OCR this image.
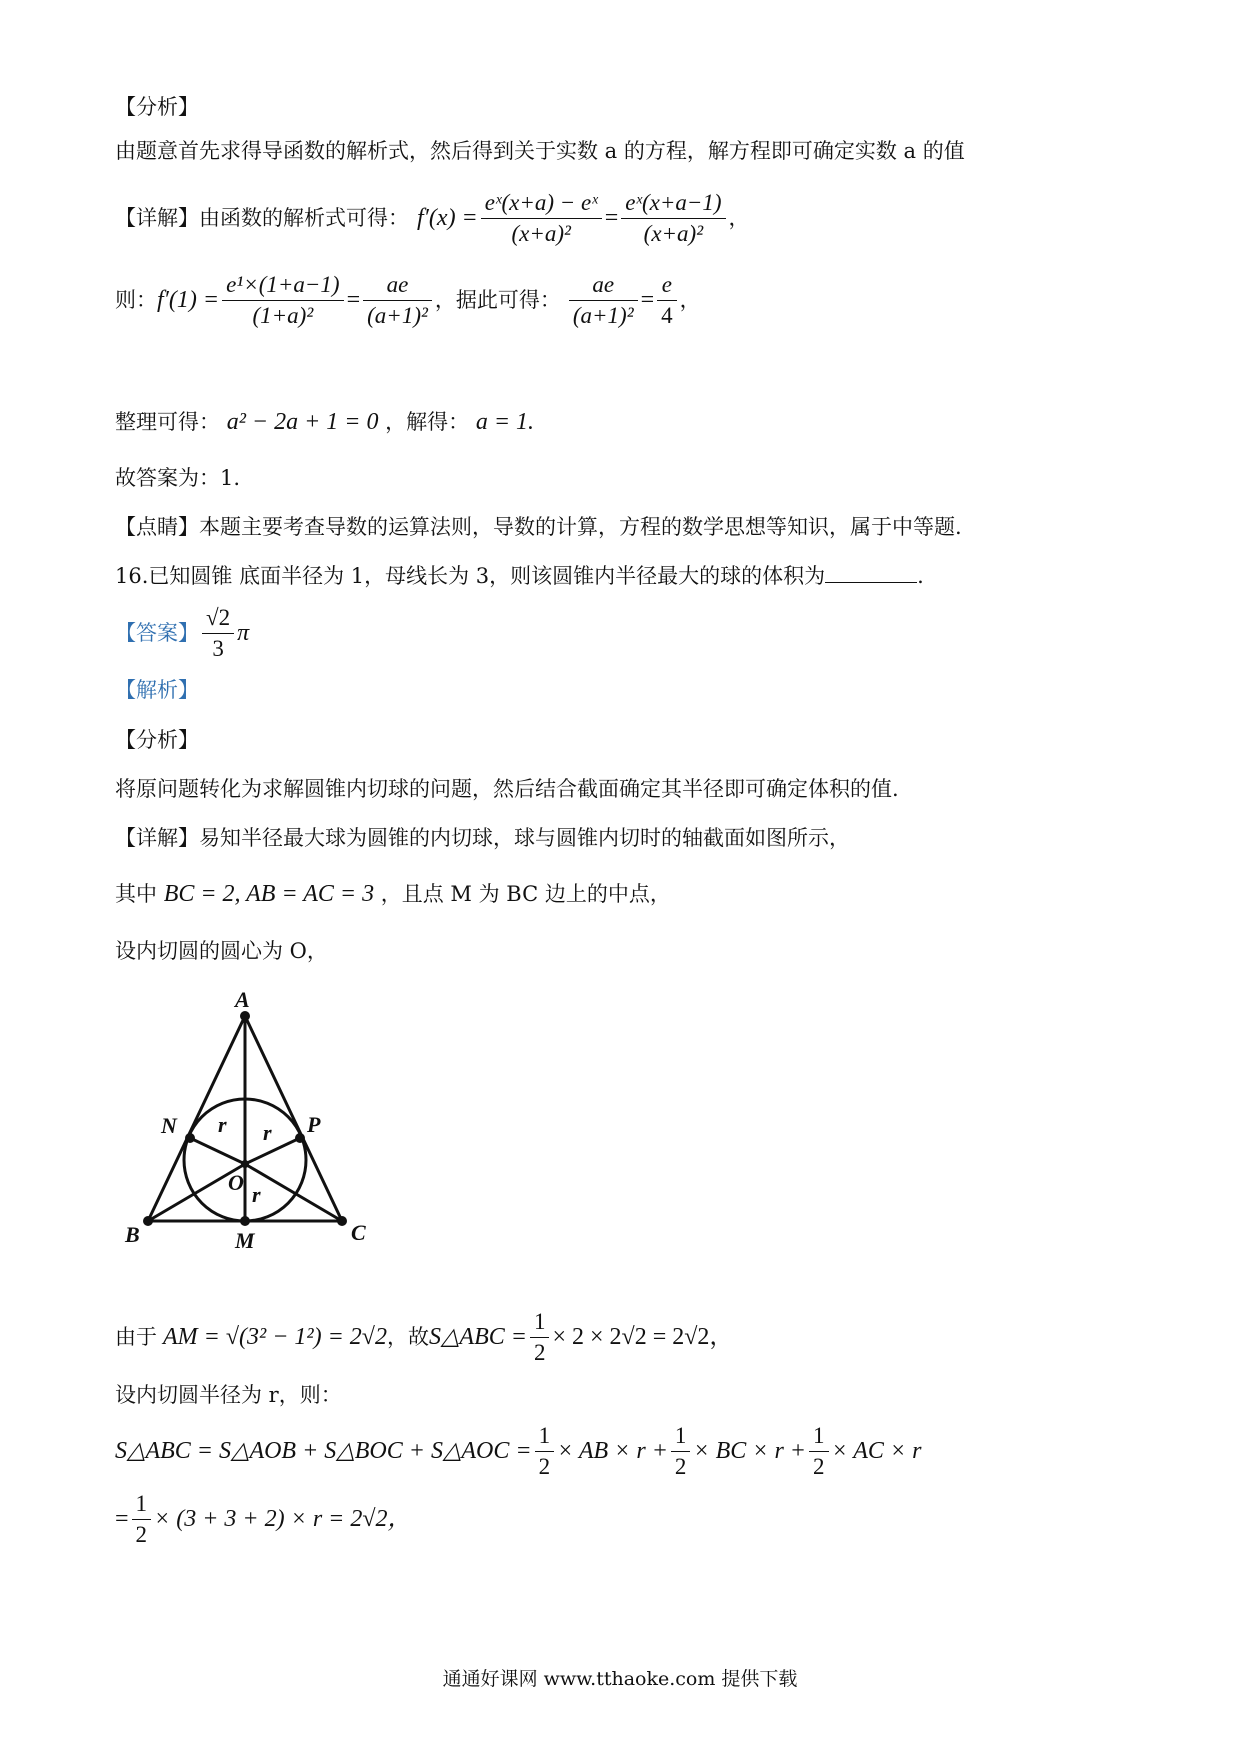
【分析】
由题意首先求得导函数的解析式，然后得到关于实数 a 的方程，解方程即可确定实数 a 的值
【详解】由函数的解析式可得： $f'(x) = \frac{\text{eˣ(x+a) − eˣ}}{\text{(x+a)²}} = \frac{\text{eˣ(x+a−1)}}{\text{(x+a)²}}$ ，
则： $f'(1) = \frac{\text{e¹×(1+a−1)}}{\text{(1+a)²}} = \frac{ae}{\text{(a+1)²}}$ ，据此可得： $\frac{ae}{\text{(a+1)²}} = \frac{e}{4}$ ，
整理可得： a² − 2a + 1 = 0 ，解得： a = 1.
故答案为：1.
【点睛】本题主要考查导数的运算法则，导数的计算，方程的数学思想等知识，属于中等题.
16.已知圆锥 底面半径为 1，母线长为 3，则该圆锥内半径最大的球的体积为	.
【答案】 $\frac{√2}{3}$ π
【解析】
【分析】
将原问题转化为求解圆锥内切球的问题，然后结合截面确定其半径即可确定体积的值.
【详解】易知半径最大球为圆锥的内切球，球与圆锥内切时的轴截面如图所示，
其中 BC = 2, AB = AC = 3 ，且点 M 为 BC 边上的中点，
设内切圆的圆心为 O，
A
B	C
M
N	P
O
r r
r
由于 AM = √(3² − 1²) = 2√2 ，故 S△ABC = $\frac{1}{2} \times 2 \times 2√2 = 2√2$，
设内切圆半径为 r，则：
S△ABC = S△AOB + S△BOC + S△AOC = $\frac{1}{2}$ × AB × $r + \frac{1}{2}$ × BC × $r + \frac{1}{2}$ × AC × r
= $\frac{1}{2} \times (3 + 3 + 2) \times r = 2√2$，
通通好课网 www.tthaoke.com 提供下载
